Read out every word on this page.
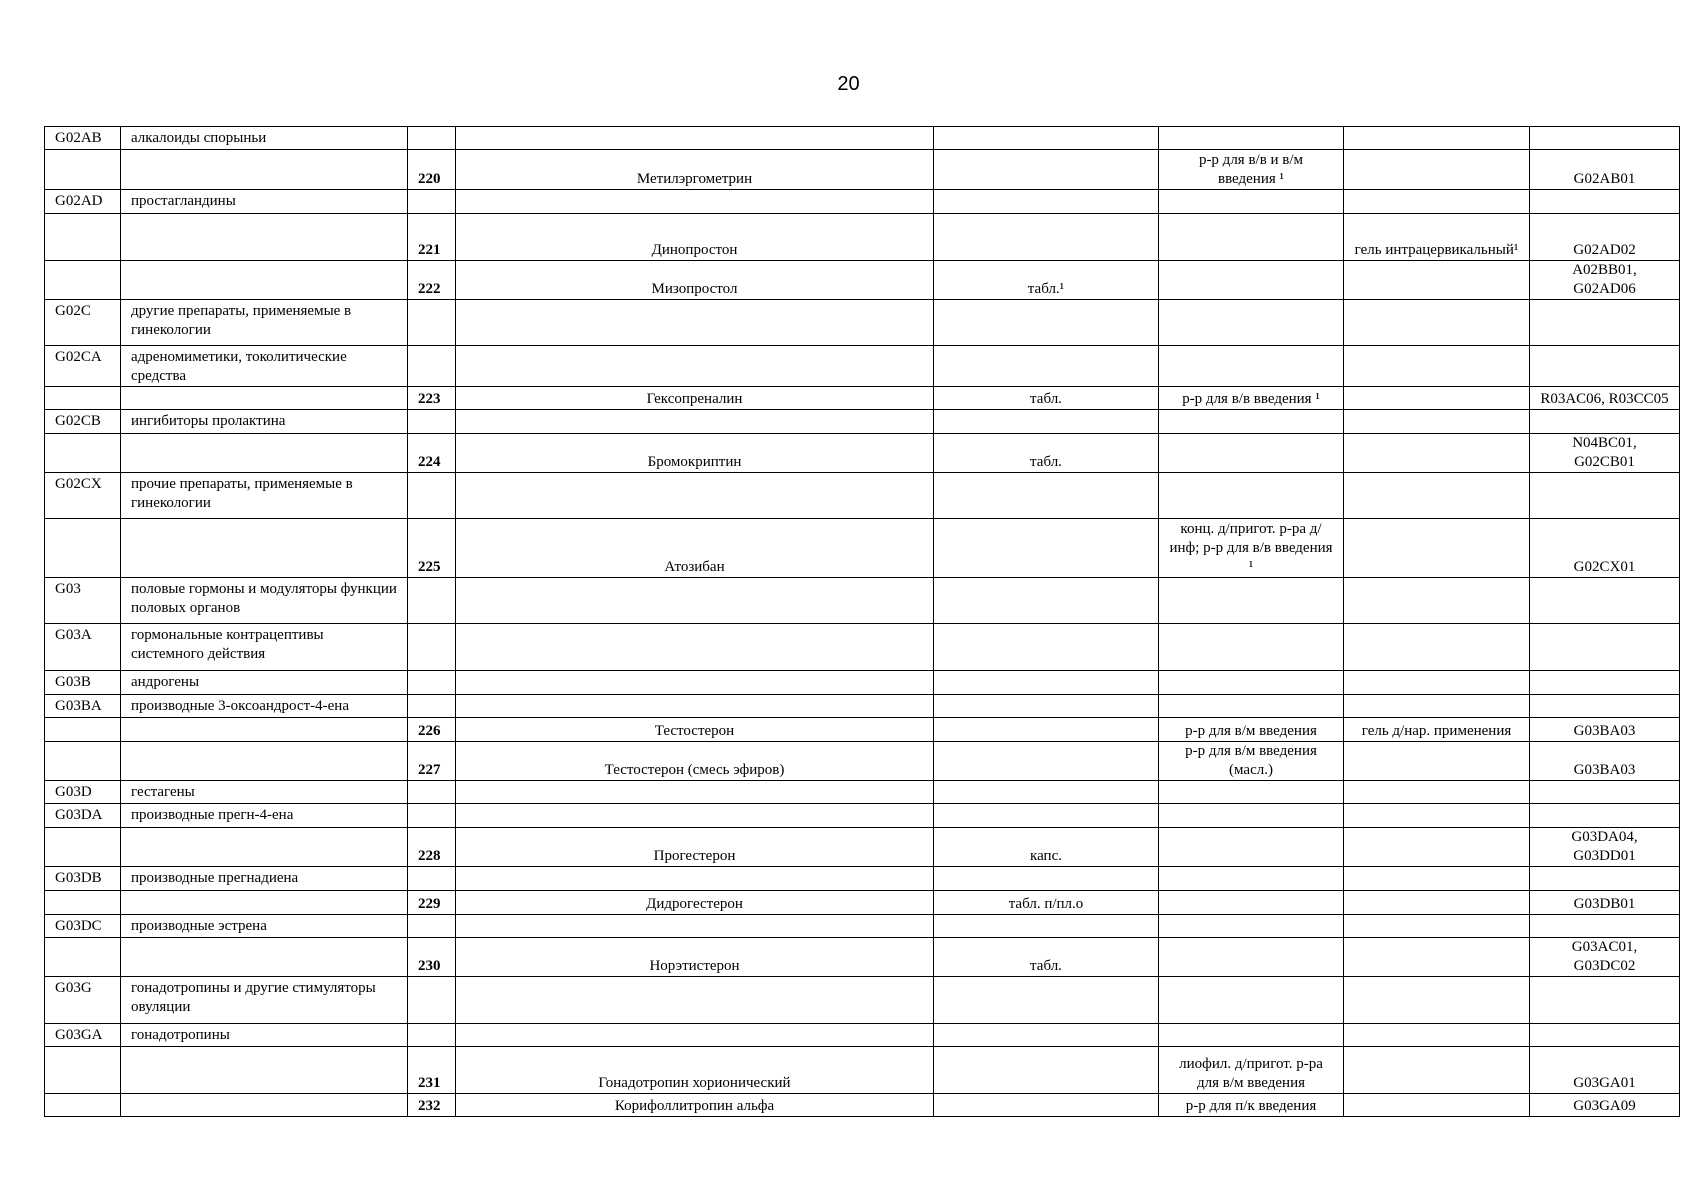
20
G02AB	алкалоиды спорыньи						
		220	Метилэргометрин		р-р для в/в и в/м введения ¹		G02AB01
G02AD	простагландины						
		221	Динопростон			гель интрацервикальный¹	G02AD02
		222	Мизопростол	табл.¹			A02BB01, G02AD06
G02C	другие препараты, применяемые в гинекологии						
G02CA	адреномиметики, токолитические средства						
		223	Гексопреналин	табл.	р-р для в/в введения ¹		R03AC06, R03CC05
G02CB	ингибиторы пролактина						
		224	Бромокриптин	табл.			N04BC01, G02CB01
G02CX	прочие препараты, применяемые в гинекологии						
		225	Атозибан		конц. д/пригот. р-ра д/инф; р-р для в/в введения ¹		G02CX01
G03	половые гормоны и модуляторы функции половых органов						
G03A	гормональные контрацептивы системного действия						
G03B	андрогены						
G03BA	производные 3-оксоандрост-4-ена						
		226	Тестостерон		р-р для в/м введения	гель д/нар. применения	G03BA03
		227	Тестостерон (смесь эфиров)		р-р для в/м введения (масл.)		G03BA03
G03D	гестагены						
G03DA	производные прегн-4-ена						
		228	Прогестерон	капс.			G03DA04, G03DD01
G03DB	производные прегнадиена						
		229	Дидрогестерон	табл. п/пл.о			G03DB01
G03DC	производные эстрена						
		230	Норэтистерон	табл.			G03AC01, G03DC02
G03G	гонадотропины и другие стимуляторы овуляции						
G03GA	гонадотропины						
		231	Гонадотропин хорионический		лиофил. д/пригот. р-ра для в/м введения		G03GA01
		232	Корифоллитропин альфа		р-р для п/к введения		G03GA09
